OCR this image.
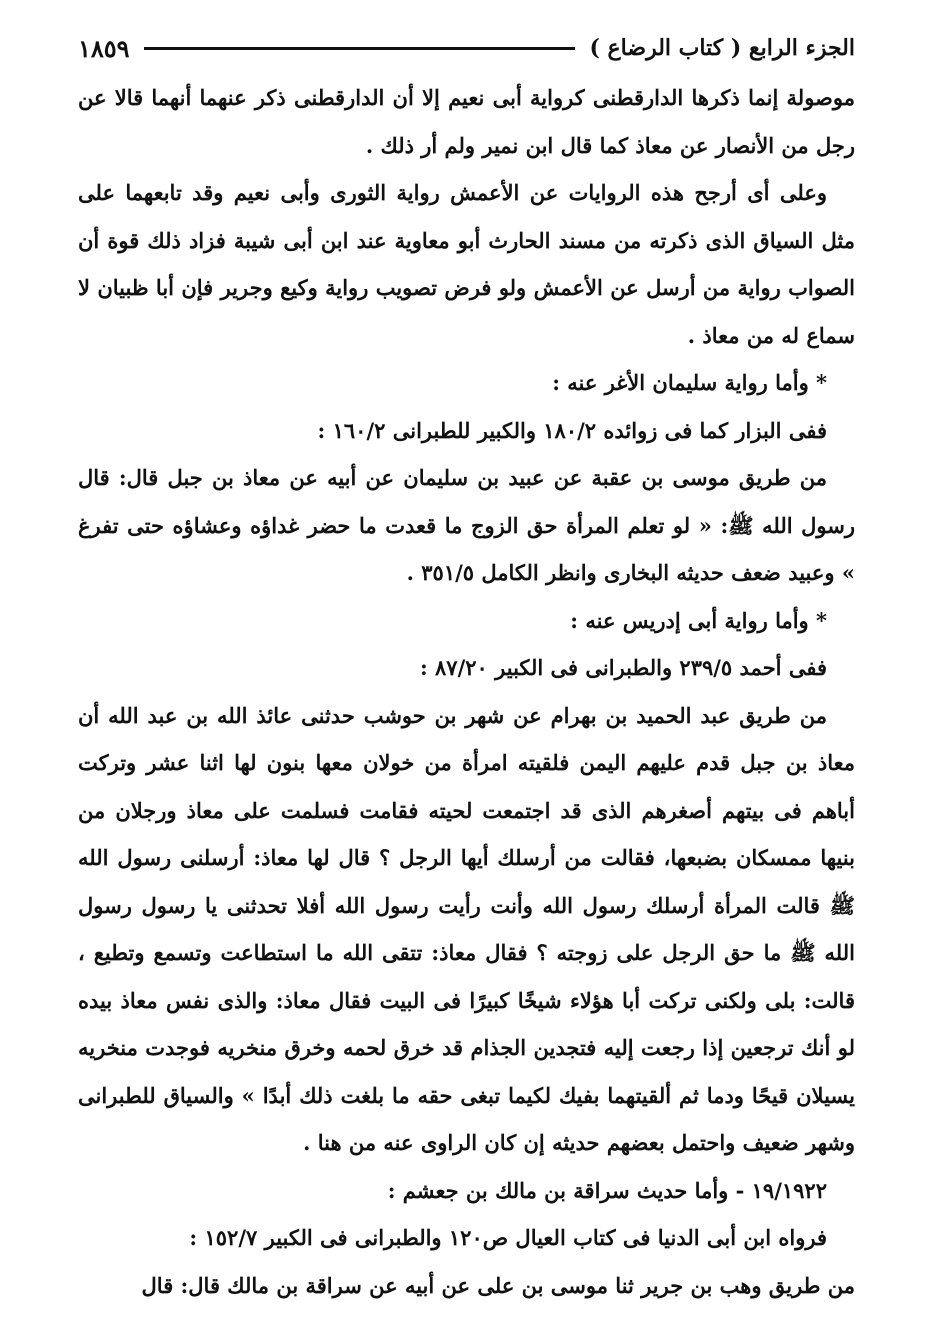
الجزء الرابع ( كتاب الرضاع )
١٨٥٩

موصولة إنما ذكرها الدارقطنى كرواية أبى نعيم إلا أن الدارقطنى ذكر عنهما أنهما قالا عن رجل من الأنصار عن معاذ كما قال ابن نمير ولم أر ذلك .

وعلى أى أرجح هذه الروايات عن الأعمش رواية الثورى وأبى نعيم وقد تابعهما على مثل السياق الذى ذكرته من مسند الحارث أبو معاوية عند ابن أبى شيبة فزاد ذلك قوة أن الصواب رواية من أرسل عن الأعمش ولو فرض تصويب رواية وكيع وجرير فإن أبا ظبيان لا سماع له من معاذ .

* وأما رواية سليمان الأغر عنه :

ففى البزار كما فى زوائده ١٨٠/٢ والكبير للطبرانى ١٦٠/٢ :

من طريق موسى بن عقبة عن عبيد بن سليمان عن أبيه عن معاذ بن جبل قال: قال رسول الله ﷺ: « لو تعلم المرأة حق الزوج ما قعدت ما حضر غداؤه وعشاؤه حتى تفرغ » وعبيد ضعف حديثه البخارى وانظر الكامل ٣٥١/٥ .

* وأما رواية أبى إدريس عنه :

ففى أحمد ٢٣٩/٥ والطبرانى فى الكبير ٨٧/٢٠ :

من طريق عبد الحميد بن بهرام عن شهر بن حوشب حدثنى عائذ الله بن عبد الله أن معاذ بن جبل قدم عليهم اليمن فلقيته امرأة من خولان معها بنون لها اثنا عشر وتركت أباهم فى بيتهم أصغرهم الذى قد اجتمعت لحيته فقامت فسلمت على معاذ ورجلان من بنيها ممسكان بضبعها، فقالت من أرسلك أيها الرجل ؟ قال لها معاذ: أرسلنى رسول الله ﷺ قالت المرأة أرسلك رسول الله وأنت رأيت رسول الله أفلا تحدثنى يا رسول رسول الله ﷺ ما حق الرجل على زوجته ؟ فقال معاذ: تتقى الله ما استطاعت وتسمع وتطيع ، قالت: بلى ولكنى تركت أبا هؤلاء شيخًا كبيرًا فى البيت فقال معاذ: والذى نفس معاذ بيده لو أنك ترجعين إذا رجعت إليه فتجدين الجذام قد خرق لحمه وخرق منخريه فوجدت منخريه يسيلان قيحًا ودما ثم ألقيتهما بفيك لكيما تبغى حقه ما بلغت ذلك أبدًا » والسياق للطبرانى وشهر ضعيف واحتمل بعضهم حديثه إن كان الراوى عنه من هنا .

١٩/١٩٢٢ - وأما حديث سراقة بن مالك بن جعشم :

فرواه ابن أبى الدنيا فى كتاب العيال ص١٢٠ والطبرانى فى الكبير ١٥٢/٧ :

من طريق وهب بن جرير ثنا موسى بن على عن أبيه عن سراقة بن مالك قال: قال
